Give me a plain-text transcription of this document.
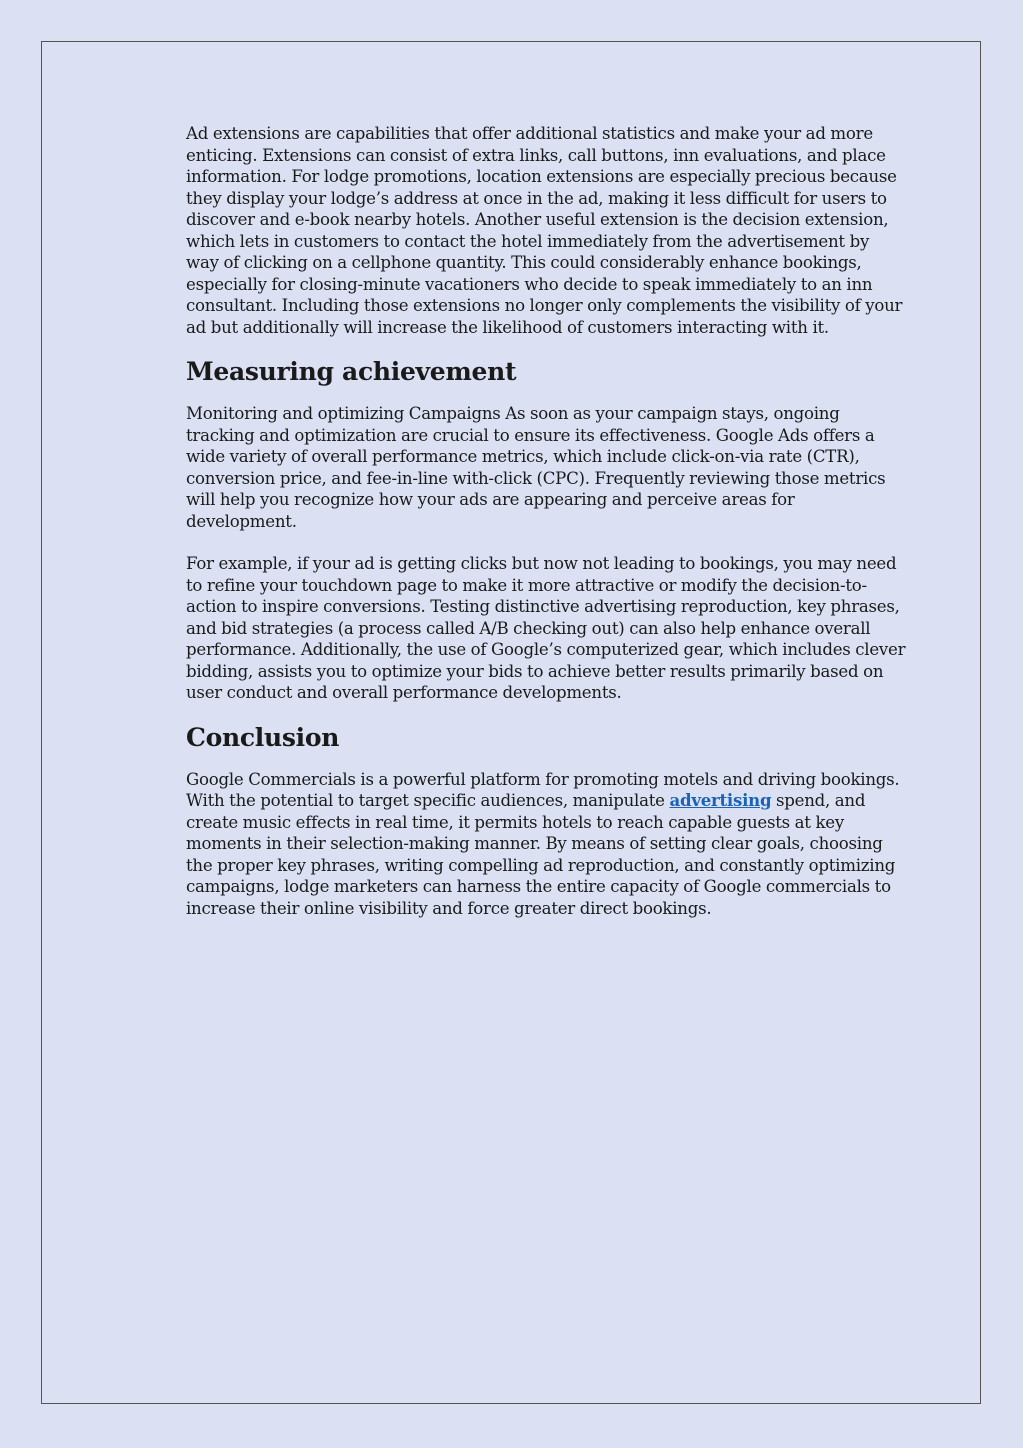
Ad extensions are capabilities that offer additional statistics and make your ad more enticing. Extensions can consist of extra links, call buttons, inn evaluations, and place information. For lodge promotions, location extensions are especially precious because they display your lodge’s address at once in the ad, making it less difficult for users to discover and e-book nearby hotels. Another useful extension is the decision extension, which lets in customers to contact the hotel immediately from the advertisement by way of clicking on a cellphone quantity. This could considerably enhance bookings, especially for closing-minute vacationers who decide to speak immediately to an inn consultant. Including those extensions no longer only complements the visibility of your ad but additionally will increase the likelihood of customers interacting with it.

Measuring achievement

Monitoring and optimizing Campaigns As soon as your campaign stays, ongoing tracking and optimization are crucial to ensure its effectiveness. Google Ads offers a wide variety of overall performance metrics, which include click-on-via rate (CTR), conversion price, and fee-in-line with-click (CPC). Frequently reviewing those metrics will help you recognize how your ads are appearing and perceive areas for development.

For example, if your ad is getting clicks but now not leading to bookings, you may need to refine your touchdown page to make it more attractive or modify the decision-to-action to inspire conversions. Testing distinctive advertising reproduction, key phrases, and bid strategies (a process called A/B checking out) can also help enhance overall performance. Additionally, the use of Google’s computerized gear, which includes clever bidding, assists you to optimize your bids to achieve better results primarily based on user conduct and overall performance developments.

Conclusion

Google Commercials is a powerful platform for promoting motels and driving bookings. With the potential to target specific audiences, manipulate advertising spend, and create music effects in real time, it permits hotels to reach capable guests at key moments in their selection-making manner. By means of setting clear goals, choosing the proper key phrases, writing compelling ad reproduction, and constantly optimizing campaigns, lodge marketers can harness the entire capacity of Google commercials to increase their online visibility and force greater direct bookings.
